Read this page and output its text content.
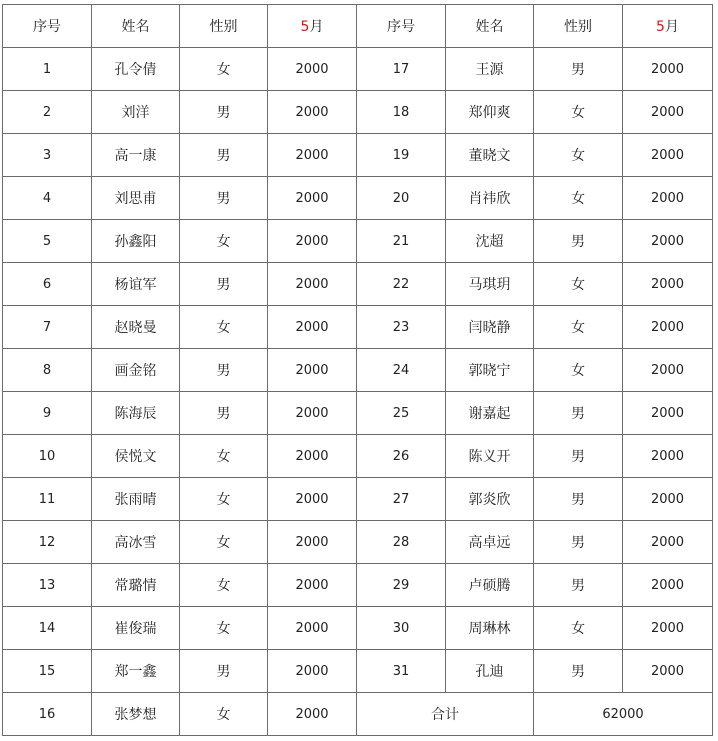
序号	姓名	性别	5月	序号	姓名	性别	5月
1	孔令倩	女	2000	17	王源	男	2000
2	刘洋	男	2000	18	郑仰爽	女	2000
3	高一康	男	2000	19	董晓文	女	2000
4	刘思甫	男	2000	20	肖祎欣	女	2000
5	孙鑫阳	女	2000	21	沈超	男	2000
6	杨谊军	男	2000	22	马琪玥	女	2000
7	赵晓曼	女	2000	23	闫晓静	女	2000
8	画金铭	男	2000	24	郭晓宁	女	2000
9	陈海辰	男	2000	25	谢嘉起	男	2000
10	侯悦文	女	2000	26	陈义开	男	2000
11	张雨晴	女	2000	27	郭炎欣	男	2000
12	高冰雪	女	2000	28	高卓远	男	2000
13	常璐情	女	2000	29	卢硕腾	男	2000
14	崔俊瑞	女	2000	30	周琳林	女	2000
15	郑一鑫	男	2000	31	孔迪	男	2000
16	张梦想	女	2000	合计		62000	
